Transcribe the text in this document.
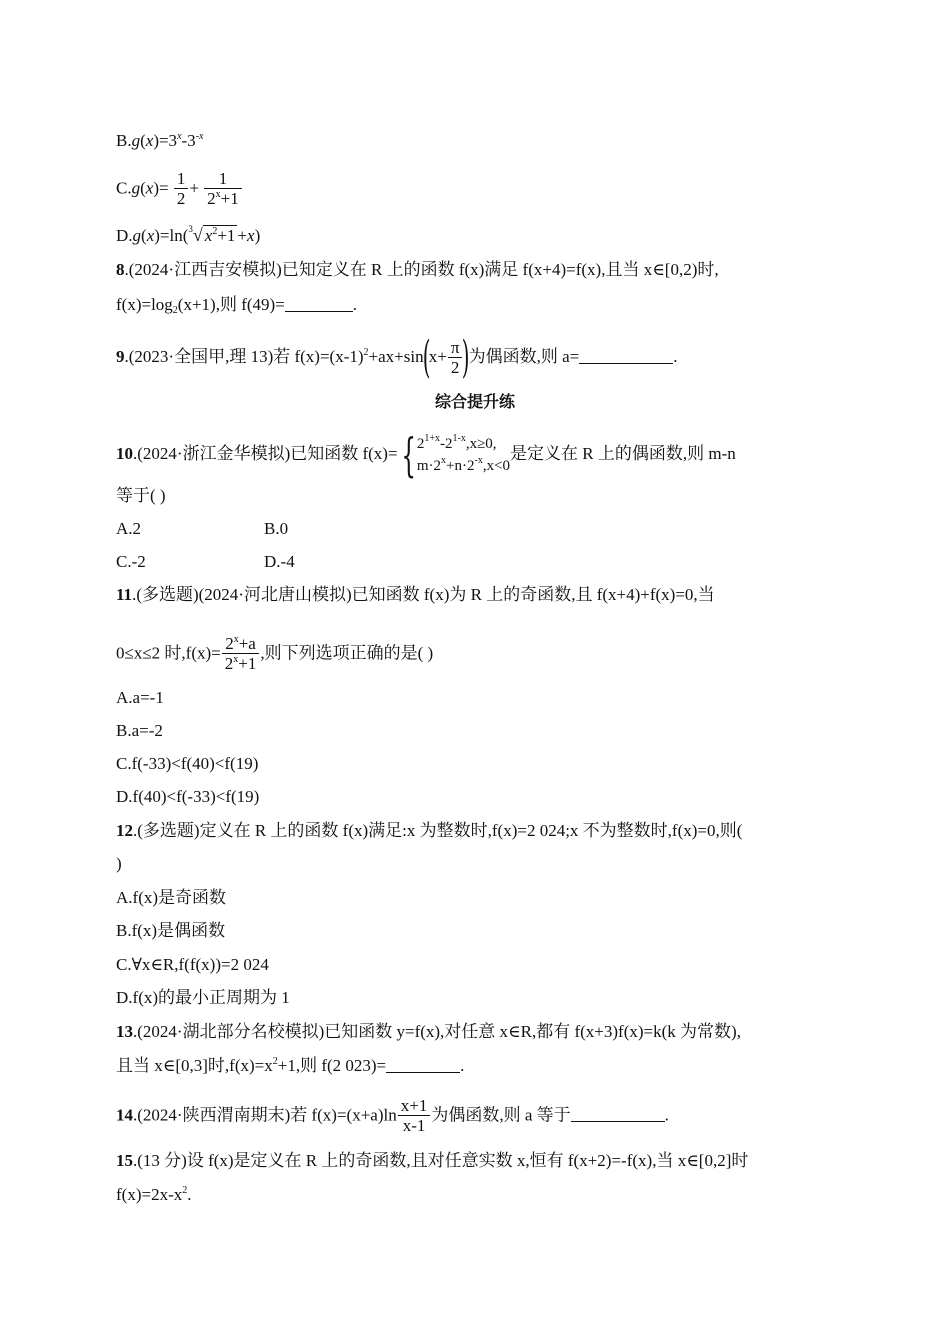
$B.g(x)=3^x-3^{-x}$
$C.g(x)= \frac{1}{2} + \frac{1}{2^x+1}$
D.g(x)=ln($^3$√ $x^2+1 +x$)
8.(2024·江西吉安模拟)已知定义在 R 上的函数 f(x)满足 f(x+4)=f(x),且当 x∈[0,2)时,
$f(x)=\log_2(x+1)$,则 f(49)=	.
9.(2023·全国甲,理 13)若 $f(x)=(x-1)^2+ax+\sin(x+ \frac{\pi}{2}$ )为偶函数,则 a=	.
综合提升练
10.(2024·浙江金华模拟)已知函数 f(x)={ $2^{1+x}-2^{1-x},x\ge 0$,
$m\cdot 2^x+n\cdot 2^{-x},x<0$
是定义在 R 上的偶函数,则 m-n
等于( )
A.2	B.0
C.-2	D.-4
11.(多选题)(2024·河北唐山模拟)已知函数 f(x)为 R 上的奇函数,且 f(x+4)+f(x)=0,当
0≤x≤2 时$,f(x)= \frac{2^x+a}{2^x+1}$ ,则下列选项正确的是( )
A.a=-1
B.a=-2
C.f(-33)<f(40)<f(19)
D.f(40)<f(-33)<f(19)
12.(多选题)定义在 R 上的函数 f(x)满足:x 为整数时,f(x)=2 024;x 不为整数时,f(x)=0,则(
)
A.f(x)是奇函数
B.f(x)是偶函数
C.∀x∈R,f(f(x))=2 024
D.f(x)的最小正周期为 1
13.(2024·湖北部分名校模拟)已知函数 y=f(x),对任意 x∈R,都有 f(x+3)f(x)=k(k 为常数),
且当 x∈[0,3]时$,f(x)=x^2+1$,则 f(2 023)=	.
14.(2024·陕西渭南期末)若 $f(x)=(x+a)\ln \frac{x+1}{x-1}$ 为偶函数,则 a 等于	.
15.(13 分)设 f(x)是定义在 R 上的奇函数,且对任意实数 x,恒有 f(x+2)=-f(x),当 x∈[0,2]时
$f(x)=2x-x^2$.
